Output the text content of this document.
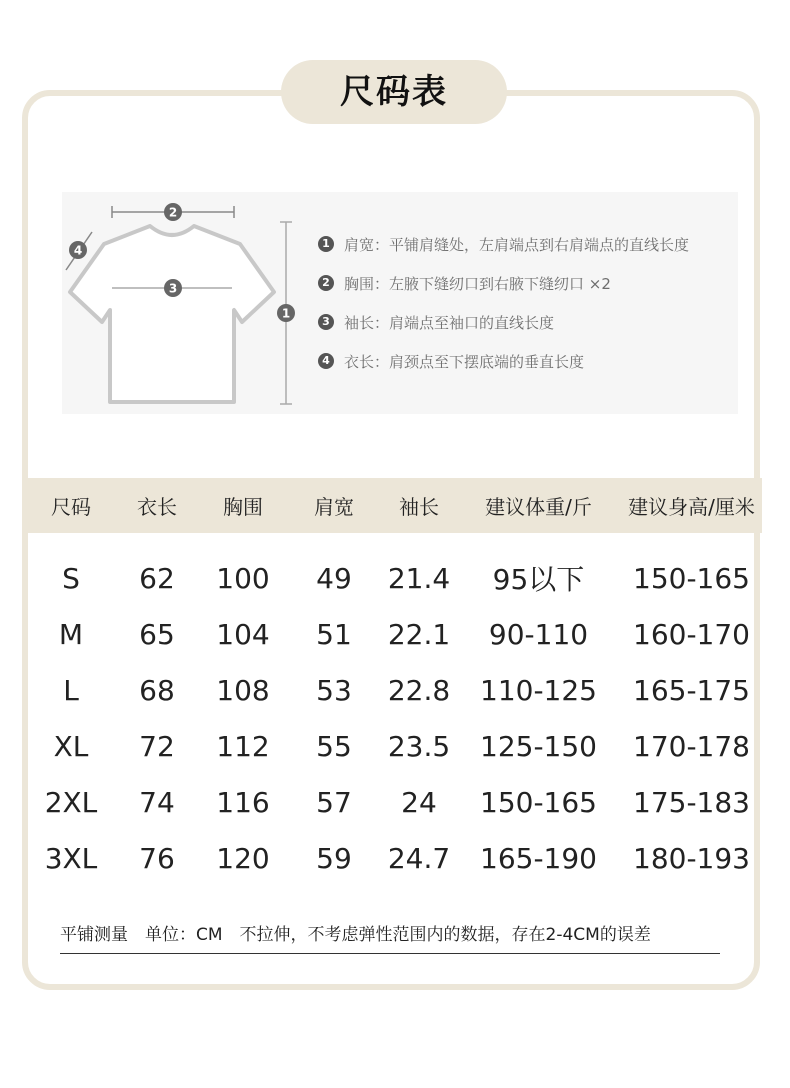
尺码表
2
3
4
1
1 肩宽：平铺肩缝处，左肩端点到右肩端点的直线长度
2 胸围：左腋下缝纫口到右腋下缝纫口 ×2
3 袖长：肩端点至袖口的直线长度
4 衣长：肩颈点至下摆底端的垂直长度
尺码	衣长	胸围	肩宽	袖长	建议体重/斤	建议身高/厘米
S	62	100	49	21.4	95以下	150-165
M	65	104	51	22.1	90-110	160-170
L	68	108	53	22.8	110-125	165-175
XL	72	112	55	23.5	125-150	170-178
2XL	74	116	57	24	150-165	175-183
3XL	76	120	59	24.7	165-190	180-193
平铺测量　单位：CM　不拉伸，不考虑弹性范围内的数据，存在2-4CM的误差
